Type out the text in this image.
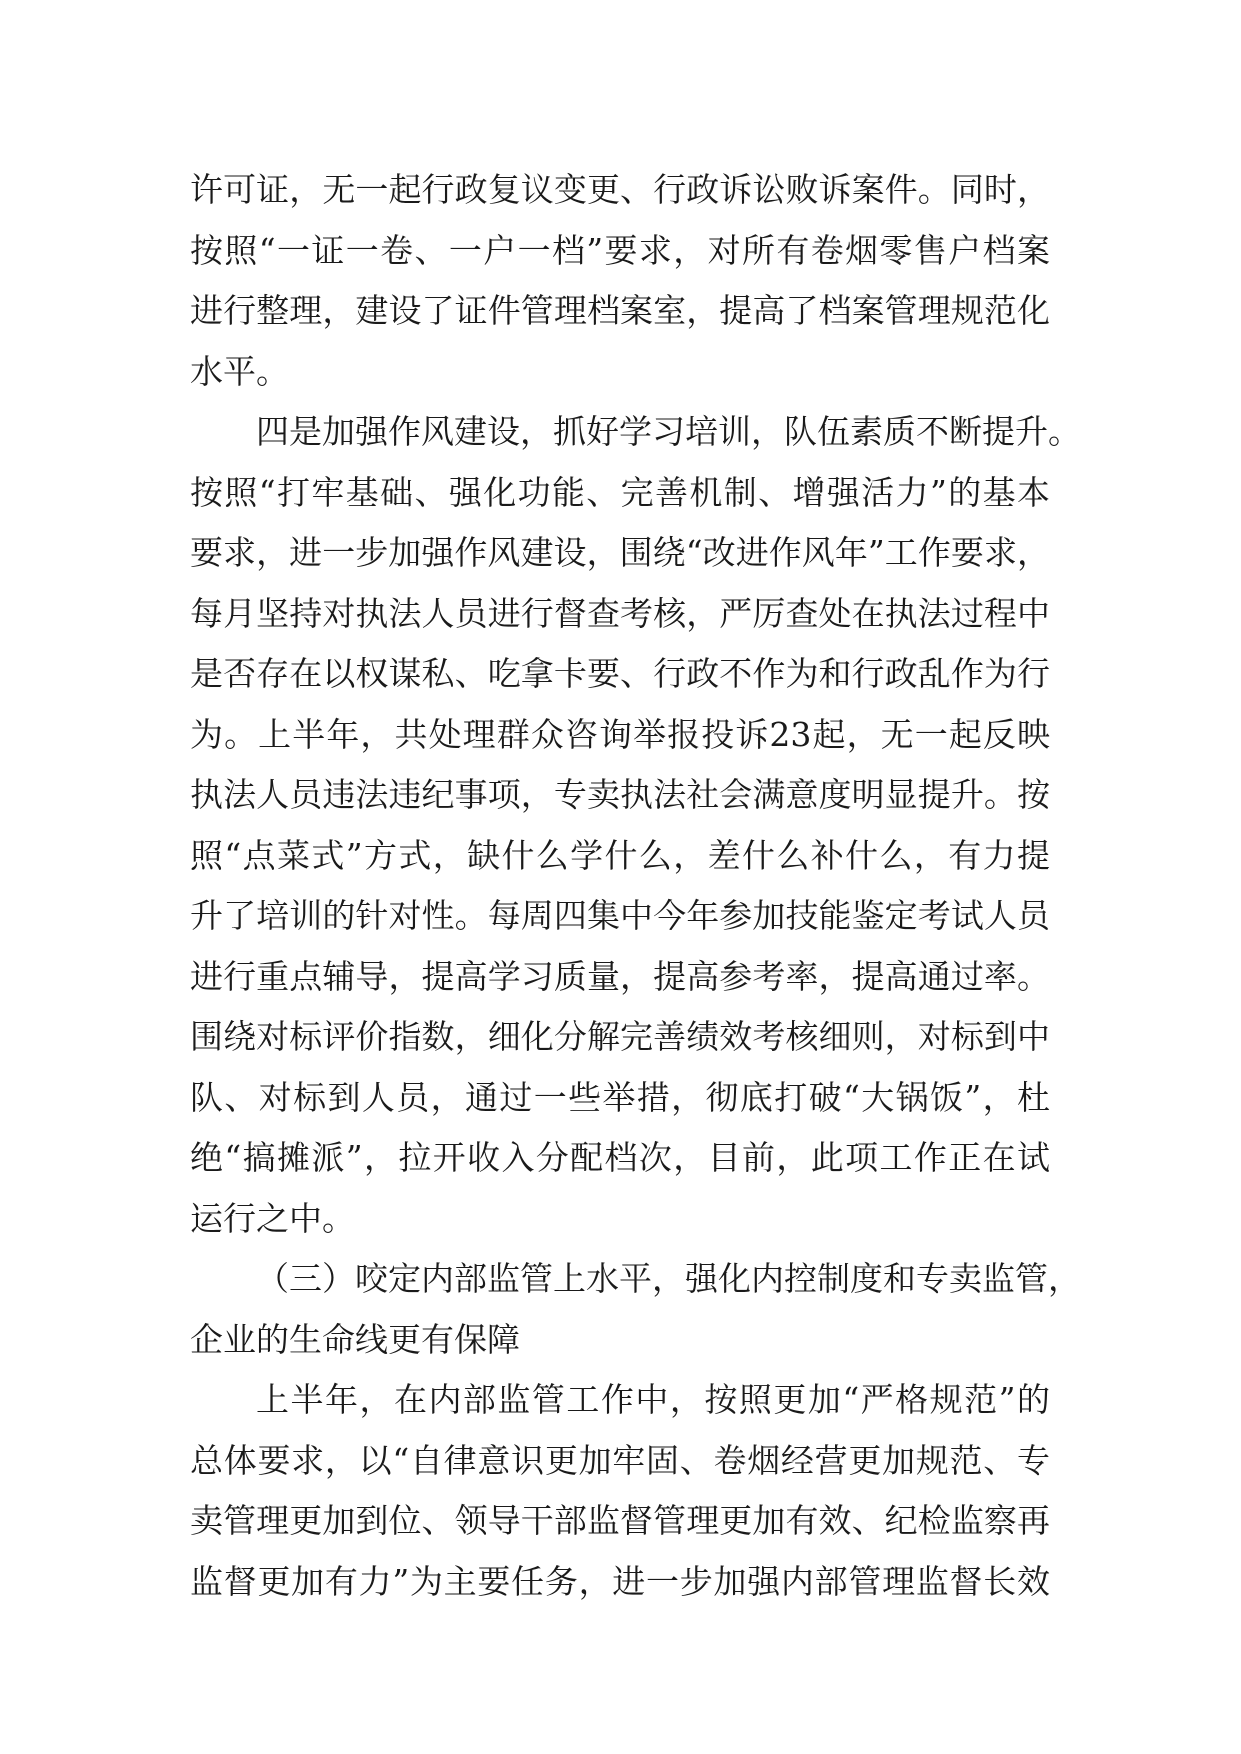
许可证，无一起行政复议变更、行政诉讼败诉案件。同时，
按照“一证一卷、一户一档”要求，对所有卷烟零售户档案
进行整理，建设了证件管理档案室，提高了档案管理规范化
水平。
四是加强作风建设，抓好学习培训，队伍素质不断提升。
按照“打牢基础、强化功能、完善机制、增强活力”的基本
要求，进一步加强作风建设，围绕“改进作风年”工作要求，
每月坚持对执法人员进行督查考核，严厉查处在执法过程中
是否存在以权谋私、吃拿卡要、行政不作为和行政乱作为行
为。上半年，共处理群众咨询举报投诉23起，无一起反映
执法人员违法违纪事项，专卖执法社会满意度明显提升。按
照“点菜式”方式，缺什么学什么，差什么补什么，有力提
升了培训的针对性。每周四集中今年参加技能鉴定考试人员
进行重点辅导，提高学习质量，提高参考率，提高通过率。
围绕对标评价指数，细化分解完善绩效考核细则，对标到中
队、对标到人员，通过一些举措，彻底打破“大锅饭”，杜
绝“搞摊派”，拉开收入分配档次，目前，此项工作正在试
运行之中。
（三）咬定内部监管上水平，强化内控制度和专卖监管，
企业的生命线更有保障
上半年，在内部监管工作中，按照更加“严格规范”的
总体要求，以“自律意识更加牢固、卷烟经营更加规范、专
卖管理更加到位、领导干部监督管理更加有效、纪检监察再
监督更加有力”为主要任务，进一步加强内部管理监督长效
